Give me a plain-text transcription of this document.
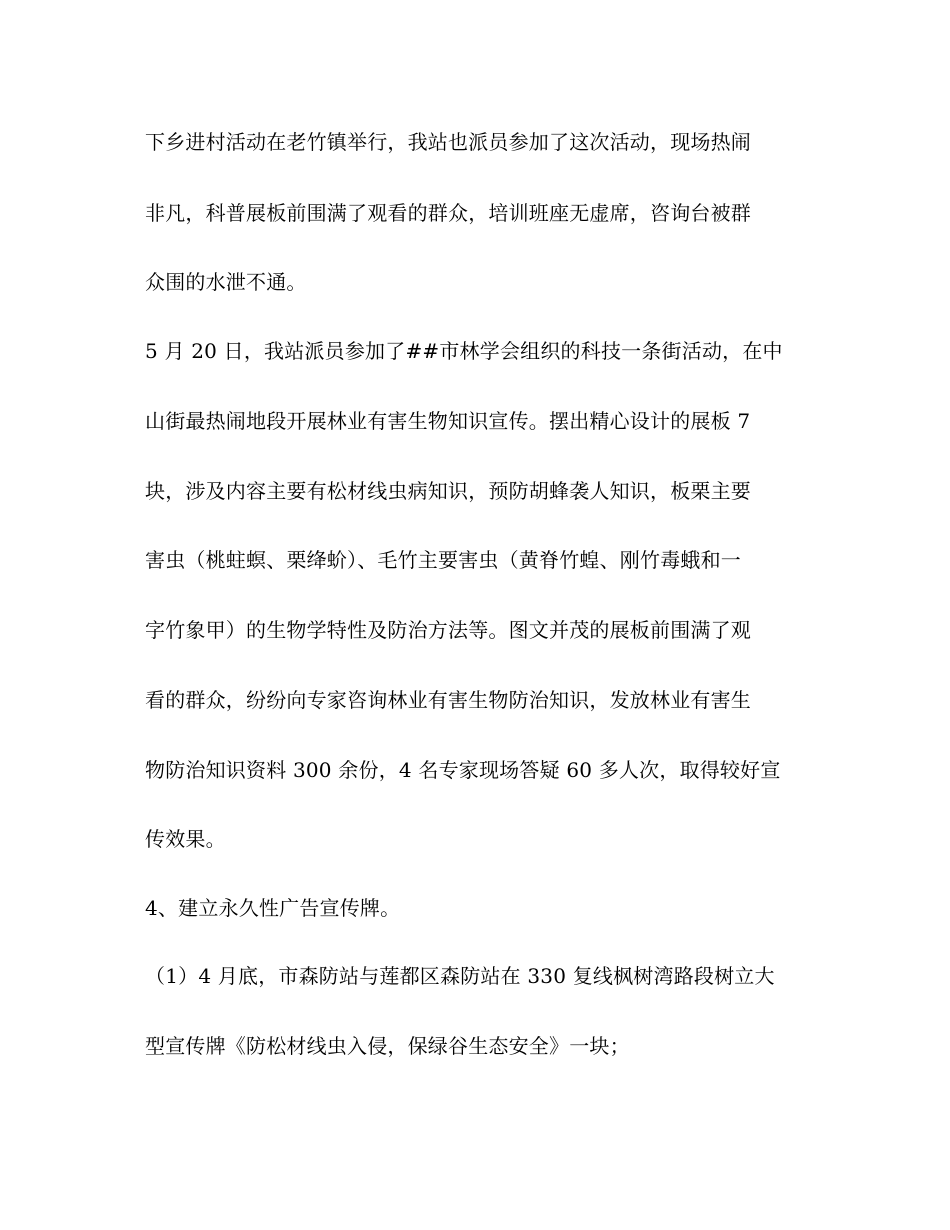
下乡进村活动在老竹镇举行，我站也派员参加了这次活动，现场热闹
非凡，科普展板前围满了观看的群众，培训班座无虚席，咨询台被群
众围的水泄不通。
5 月 20 日，我站派员参加了##市林学会组织的科技一条街活动，在中
山街最热闹地段开展林业有害生物知识宣传。摆出精心设计的展板 7
块，涉及内容主要有松材线虫病知识，预防胡蜂袭人知识，板栗主要
害虫（桃蛀螟、栗绛蚧）、毛竹主要害虫（黄脊竹蝗、刚竹毒蛾和一
字竹象甲）的生物学特性及防治方法等。图文并茂的展板前围满了观
看的群众，纷纷向专家咨询林业有害生物防治知识，发放林业有害生
物防治知识资料 300 余份，4 名专家现场答疑 60 多人次，取得较好宣
传效果。
4、建立永久性广告宣传牌。
（1）4 月底，市森防站与莲都区森防站在 330 复线枫树湾路段树立大
型宣传牌《防松材线虫入侵，保绿谷生态安全》一块；
